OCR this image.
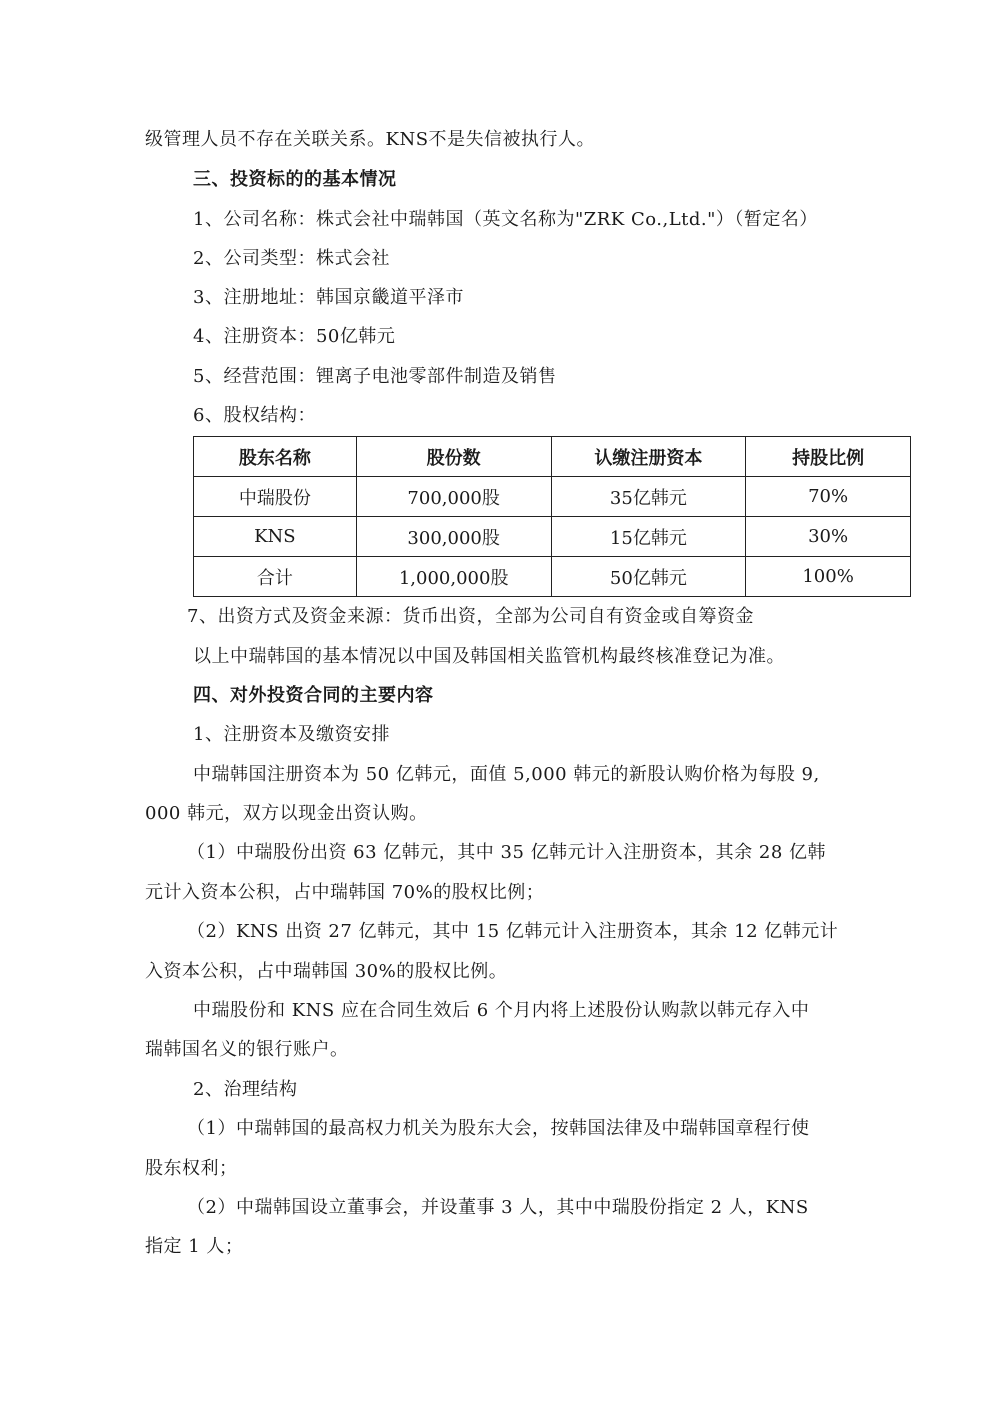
级管理人员不存在关联关系。KNS不是失信被执行人。
三、投资标的的基本情况
1、公司名称：株式会社中瑞韩国（英文名称为"ZRK Co.,Ltd."）（暂定名）
2、公司类型：株式会社
3、注册地址：韩国京畿道平泽市
4、注册资本：50亿韩元
5、经营范围：锂离子电池零部件制造及销售
6、股权结构：
股东名称	股份数	认缴注册资本	持股比例
中瑞股份	700,000股	35亿韩元	70%
KNS	300,000股	15亿韩元	30%
合计	1,000,000股	50亿韩元	100%
7、出资方式及资金来源：货币出资，全部为公司自有资金或自筹资金
以上中瑞韩国的基本情况以中国及韩国相关监管机构最终核准登记为准。
四、对外投资合同的主要内容
1、注册资本及缴资安排
中瑞韩国注册资本为 50 亿韩元，面值 5,000 韩元的新股认购价格为每股 9,
000 韩元，双方以现金出资认购。
（1）中瑞股份出资 63 亿韩元，其中 35 亿韩元计入注册资本，其余 28 亿韩
元计入资本公积，占中瑞韩国 70%的股权比例；
（2）KNS 出资 27 亿韩元，其中 15 亿韩元计入注册资本，其余 12 亿韩元计
入资本公积，占中瑞韩国 30%的股权比例。
中瑞股份和 KNS 应在合同生效后 6 个月内将上述股份认购款以韩元存入中
瑞韩国名义的银行账户。
2、治理结构
（1）中瑞韩国的最高权力机关为股东大会，按韩国法律及中瑞韩国章程行使
股东权利；
（2）中瑞韩国设立董事会，并设董事 3 人，其中中瑞股份指定 2 人，KNS
指定 1 人；
